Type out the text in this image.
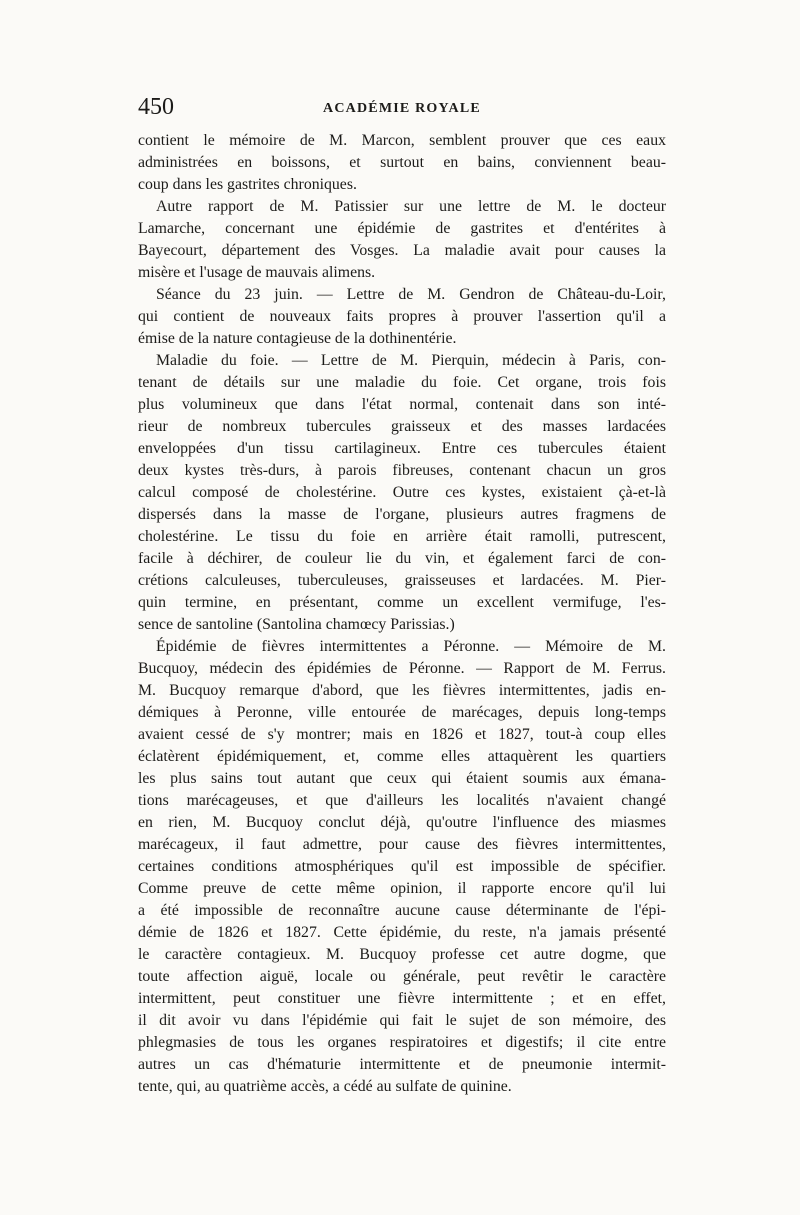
450	ACADÉMIE ROYALE
contient le mémoire de M. Marcon, semblent prouver que ces eaux
administrées en boissons, et surtout en bains, conviennent beau-
coup dans les gastrites chroniques.
Autre rapport de M. Patissier sur une lettre de M. le docteur
Lamarche, concernant une épidémie de gastrites et d'entérites à
Bayecourt, département des Vosges. La maladie avait pour causes la
misère et l'usage de mauvais alimens.
Séance du 23 juin. — Lettre de M. Gendron de Château-du-Loir,
qui contient de nouveaux faits propres à prouver l'assertion qu'il a
émise de la nature contagieuse de la dothinentérie.
Maladie du foie. — Lettre de M. Pierquin, médecin à Paris, con-
tenant de détails sur une maladie du foie. Cet organe, trois fois
plus volumineux que dans l'état normal, contenait dans son inté-
rieur de nombreux tubercules graisseux et des masses lardacées
enveloppées d'un tissu cartilagineux. Entre ces tubercules étaient
deux kystes très-durs, à parois fibreuses, contenant chacun un gros
calcul composé de cholestérine. Outre ces kystes, existaient çà-et-là
dispersés dans la masse de l'organe, plusieurs autres fragmens de
cholestérine. Le tissu du foie en arrière était ramolli, putrescent,
facile à déchirer, de couleur lie du vin, et également farci de con-
crétions calculeuses, tuberculeuses, graisseuses et lardacées. M. Pier-
quin termine, en présentant, comme un excellent vermifuge, l'es-
sence de santoline (Santolina chamœcy Parissias.)
Épidémie de fièvres intermittentes a Péronne. — Mémoire de M.
Bucquoy, médecin des épidémies de Péronne. — Rapport de M. Ferrus.
M. Bucquoy remarque d'abord, que les fièvres intermittentes, jadis en-
démiques à Peronne, ville entourée de marécages, depuis long-temps
avaient cessé de s'y montrer; mais en 1826 et 1827, tout-à coup elles
éclatèrent épidémiquement, et, comme elles attaquèrent les quartiers
les plus sains tout autant que ceux qui étaient soumis aux émana-
tions marécageuses, et que d'ailleurs les localités n'avaient changé
en rien, M. Bucquoy conclut déjà, qu'outre l'influence des miasmes
marécageux, il faut admettre, pour cause des fièvres intermittentes,
certaines conditions atmosphériques qu'il est impossible de spécifier.
Comme preuve de cette même opinion, il rapporte encore qu'il lui
a été impossible de reconnaître aucune cause déterminante de l'épi-
démie de 1826 et 1827. Cette épidémie, du reste, n'a jamais présenté
le caractère contagieux. M. Bucquoy professe cet autre dogme, que
toute affection aiguë, locale ou générale, peut revêtir le caractère
intermittent, peut constituer une fièvre intermittente ; et en effet,
il dit avoir vu dans l'épidémie qui fait le sujet de son mémoire, des
phlegmasies de tous les organes respiratoires et digestifs; il cite entre
autres un cas d'hématurie intermittente et de pneumonie intermit-
tente, qui, au quatrième accès, a cédé au sulfate de quinine.
